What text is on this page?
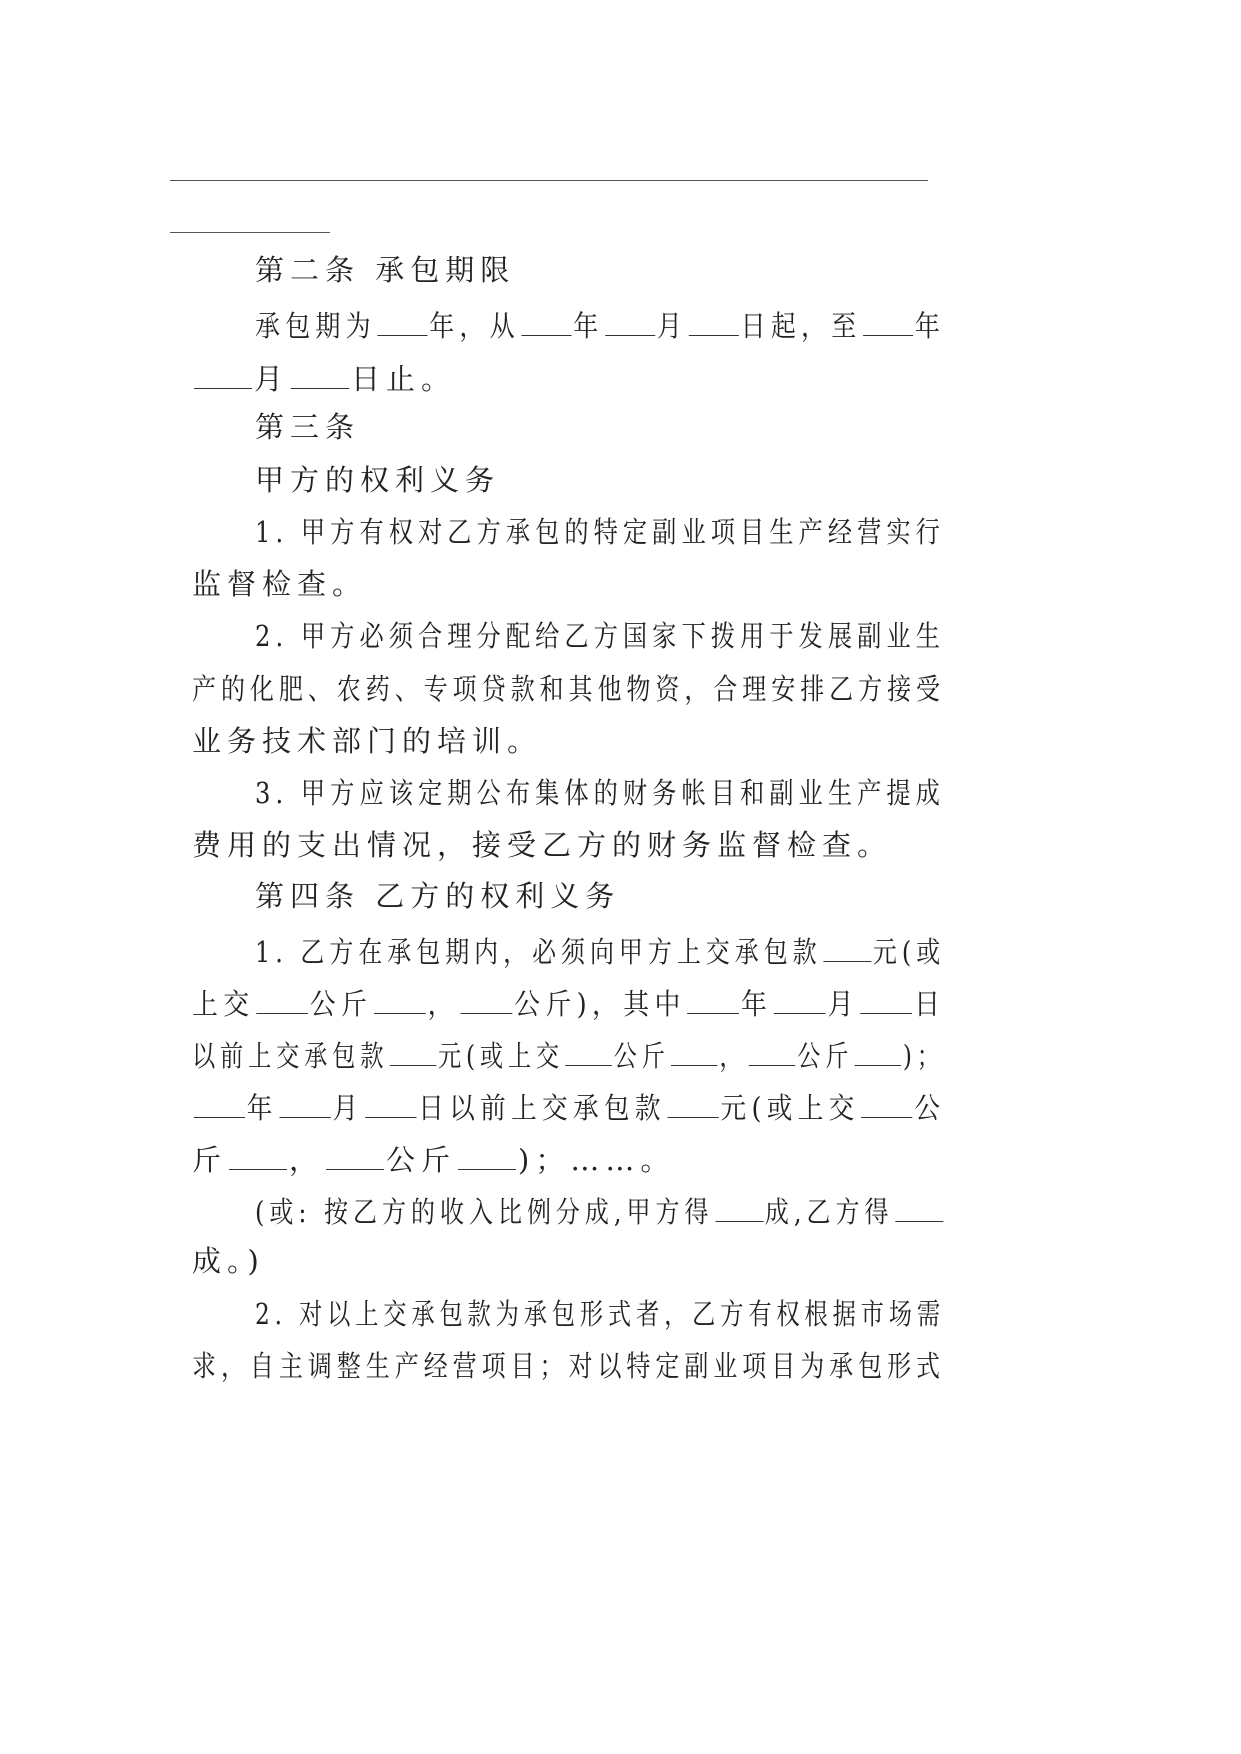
第二条 承包期限
承包期为 年，从 年 月 日起，至 年
月 日止。
第三条
甲方的权利义务
1. 甲方有权对乙方承包的特定副业项目生产经营实行
监督检查。
2. 甲方必须合理分配给乙方国家下拨用于发展副业生
产的化肥、农药、专项贷款和其他物资，合理安排乙方接受
业务技术部门的培训。
3. 甲方应该定期公布集体的财务帐目和副业生产提成
费用的支出情况，接受乙方的财务监督检查。
第四条 乙方的权利义务
1. 乙方在承包期内，必须向甲方上交承包款 元(或
上交 公斤 ， 公斤)，其中 年 月 日
以前上交承包款 元(或上交 公斤 ， 公斤 )；
年 月 日以前上交承包款 元(或上交 公
斤 ， 公斤 )；……。
(或: 按乙方的收入比例分成,甲方得 成,乙方得
成。)
2. 对以上交承包款为承包形式者，乙方有权根据市场需
求，自主调整生产经营项目；对以特定副业项目为承包形式
